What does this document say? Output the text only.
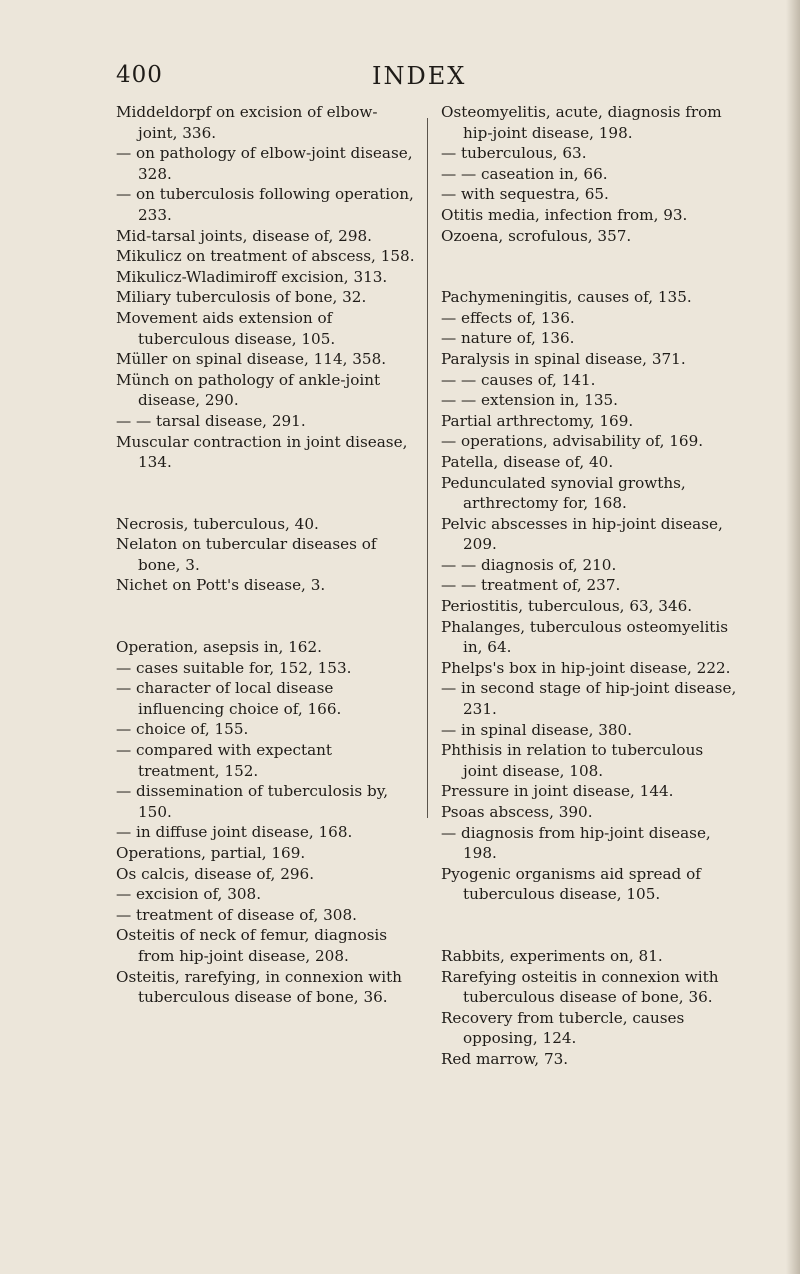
400	INDEX
Middeldorpf on excision of elbow-joint, 336.
— on pathology of elbow-joint disease, 328.
— on tuberculosis following operation, 233.
Mid-tarsal joints, disease of, 298.
Mikulicz on treatment of abscess, 158.
Mikulicz-Wladimiroff excision, 313.
Miliary tuberculosis of bone, 32.
Movement aids extension of tuberculous disease, 105.
Müller on spinal disease, 114, 358.
Münch on pathology of ankle-joint disease, 290.
— — tarsal disease, 291.
Muscular contraction in joint disease, 134.
Necrosis, tuberculous, 40.
Nelaton on tubercular diseases of bone, 3.
Nichet on Pott's disease, 3.
Operation, asepsis in, 162.
— cases suitable for, 152, 153.
— character of local disease influencing choice of, 166.
— choice of, 155.
— compared with expectant treatment, 152.
— dissemination of tuberculosis by, 150.
— in diffuse joint disease, 168.
Operations, partial, 169.
Os calcis, disease of, 296.
— excision of, 308.
— treatment of disease of, 308.
Osteitis of neck of femur, diagnosis from hip-joint disease, 208.
Osteitis, rarefying, in connexion with tuberculous disease of bone, 36.
Osteomyelitis, acute, diagnosis from hip-joint disease, 198.
— tuberculous, 63.
— — caseation in, 66.
— with sequestra, 65.
Otitis media, infection from, 93.
Ozoena, scrofulous, 357.
Pachymeningitis, causes of, 135.
— effects of, 136.
— nature of, 136.
Paralysis in spinal disease, 371.
— — causes of, 141.
— — extension in, 135.
Partial arthrectomy, 169.
— operations, advisability of, 169.
Patella, disease of, 40.
Pedunculated synovial growths, arthrectomy for, 168.
Pelvic abscesses in hip-joint disease, 209.
— — diagnosis of, 210.
— — treatment of, 237.
Periostitis, tuberculous, 63, 346.
Phalanges, tuberculous osteomyelitis in, 64.
Phelps's box in hip-joint disease, 222.
— in second stage of hip-joint disease, 231.
— in spinal disease, 380.
Phthisis in relation to tuberculous joint disease, 108.
Pressure in joint disease, 144.
Psoas abscess, 390.
— diagnosis from hip-joint disease, 198.
Pyogenic organisms aid spread of tuberculous disease, 105.
Rabbits, experiments on, 81.
Rarefying osteitis in connexion with tuberculous disease of bone, 36.
Recovery from tubercle, causes opposing, 124.
Red marrow, 73.
